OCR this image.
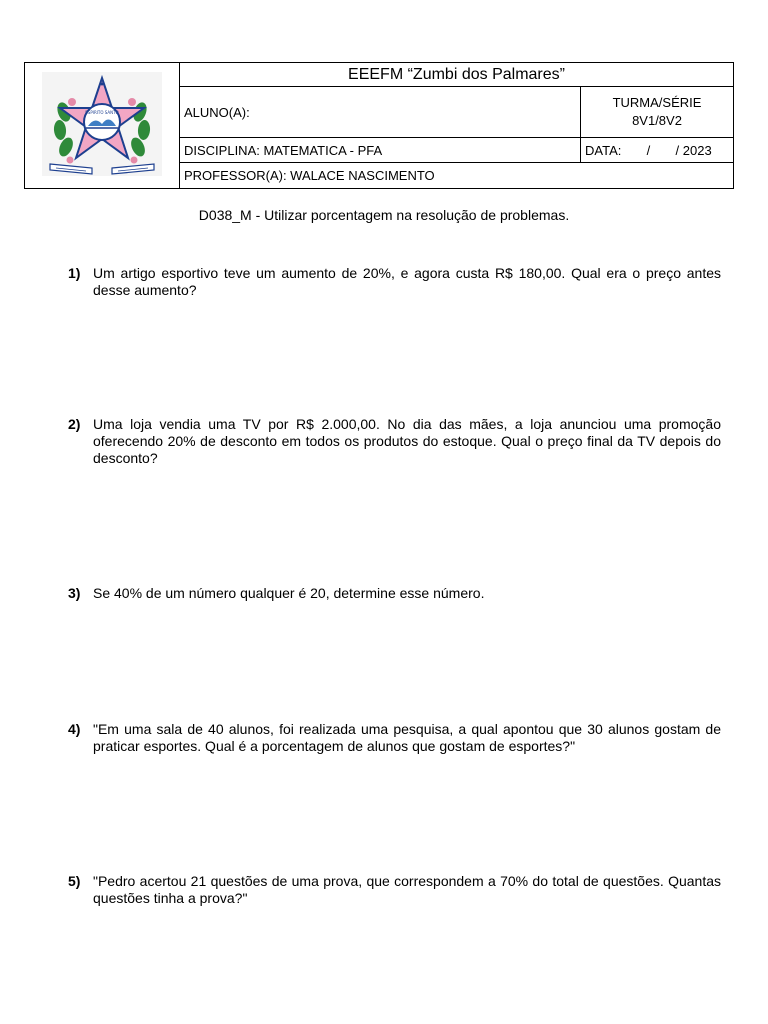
ESPIRITO SANTO	EEEFM “Zumbi dos Palmares”	
	ALUNO(A):	TURMA/SÉRIE
8V1/8V2

	DISCIPLINA: MATEMATICA - PFA	DATA:       /       / 2023
	PROFESSOR(A): WALACE NASCIMENTO	
D038_M - Utilizar porcentagem na resolução de problemas.
1) Um artigo esportivo teve um aumento de 20%, e agora custa R$ 180,00. Qual era o preço antes desse aumento?
2) Uma loja vendia uma TV por R$ 2.000,00. No dia das mães, a loja anunciou uma promoção oferecendo 20% de desconto em todos os produtos do estoque. Qual o preço final da TV depois do desconto?
3) Se 40% de um número qualquer é 20, determine esse número.
4) "Em uma sala de 40 alunos, foi realizada uma pesquisa, a qual apontou que 30 alunos gostam de praticar esportes. Qual é a porcentagem de alunos que gostam de esportes?"
5) "Pedro acertou 21 questões de uma prova, que correspondem a 70% do total de questões. Quantas questões tinha a prova?"
